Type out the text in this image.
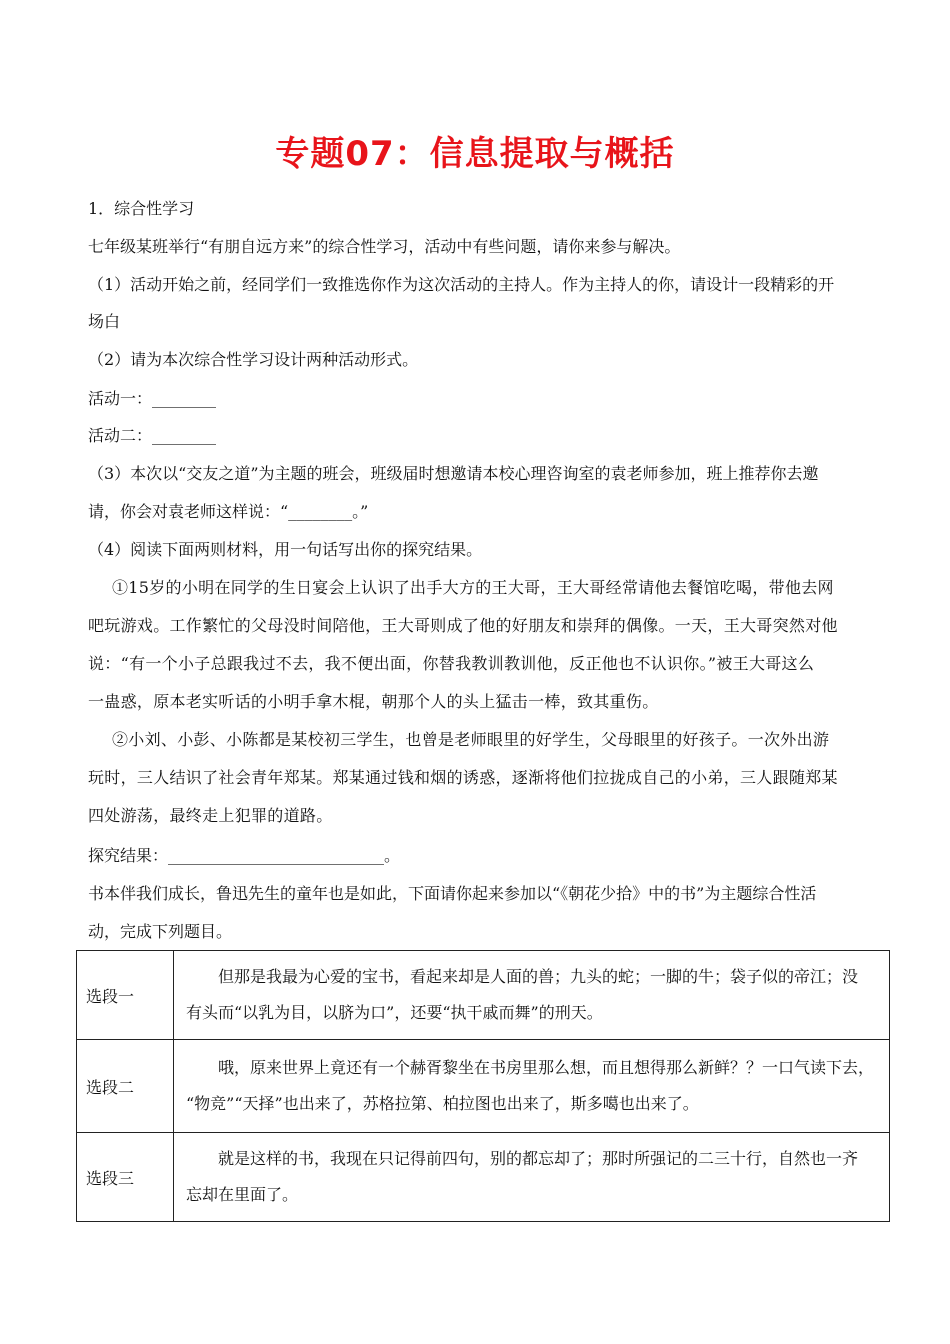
专题07：信息提取与概括
1．综合性学习
七年级某班举行“有朋自远方来”的综合性学习，活动中有些问题，请你来参与解决。
（1）活动开始之前，经同学们一致推选你作为这次活动的主持人。作为主持人的你，请设计一段精彩的开
场白
（2）请为本次综合性学习设计两种活动形式。
活动一：________
活动二：________
（3）本次以“交友之道”为主题的班会，班级届时想邀请本校心理咨询室的袁老师参加，班上推荐你去邀
请，你会对袁老师这样说：“________。”
（4）阅读下面两则材料，用一句话写出你的探究结果。
①15岁的小明在同学的生日宴会上认识了出手大方的王大哥，王大哥经常请他去餐馆吃喝，带他去网
吧玩游戏。工作繁忙的父母没时间陪他，王大哥则成了他的好朋友和崇拜的偶像。一天，王大哥突然对他
说：“有一个小子总跟我过不去，我不便出面，你替我教训教训他，反正他也不认识你。”被王大哥这么
一蛊惑，原本老实听话的小明手拿木棍，朝那个人的头上猛击一棒，致其重伤。
②小刘、小彭、小陈都是某校初三学生，也曾是老师眼里的好学生，父母眼里的好孩子。一次外出游
玩时，三人结识了社会青年郑某。郑某通过钱和烟的诱惑，逐渐将他们拉拢成自己的小弟，三人跟随郑某
四处游荡，最终走上犯罪的道路。
探究结果：___________________________。
书本伴我们成长，鲁迅先生的童年也是如此，下面请你起来参加以“《朝花少拾》中的书”为主题综合性活
动，完成下列题目。
选段一	但那是我最为心爱的宝书，看起来却是人面的兽；九头的蛇；一脚的牛；袋子似的帝江；没
有头而“以乳为目，以脐为口”，还要“执干戚而舞”的刑天。

选段二	哦，原来世界上竟还有一个赫胥黎坐在书房里那么想，而且想得那么新鲜？？一口气读下去，
“物竞”“天择”也出来了，苏格拉第、柏拉图也出来了，斯多噶也出来了。

选段三	就是这样的书，我现在只记得前四句，别的都忘却了；那时所强记的二三十行，自然也一齐
忘却在里面了。
